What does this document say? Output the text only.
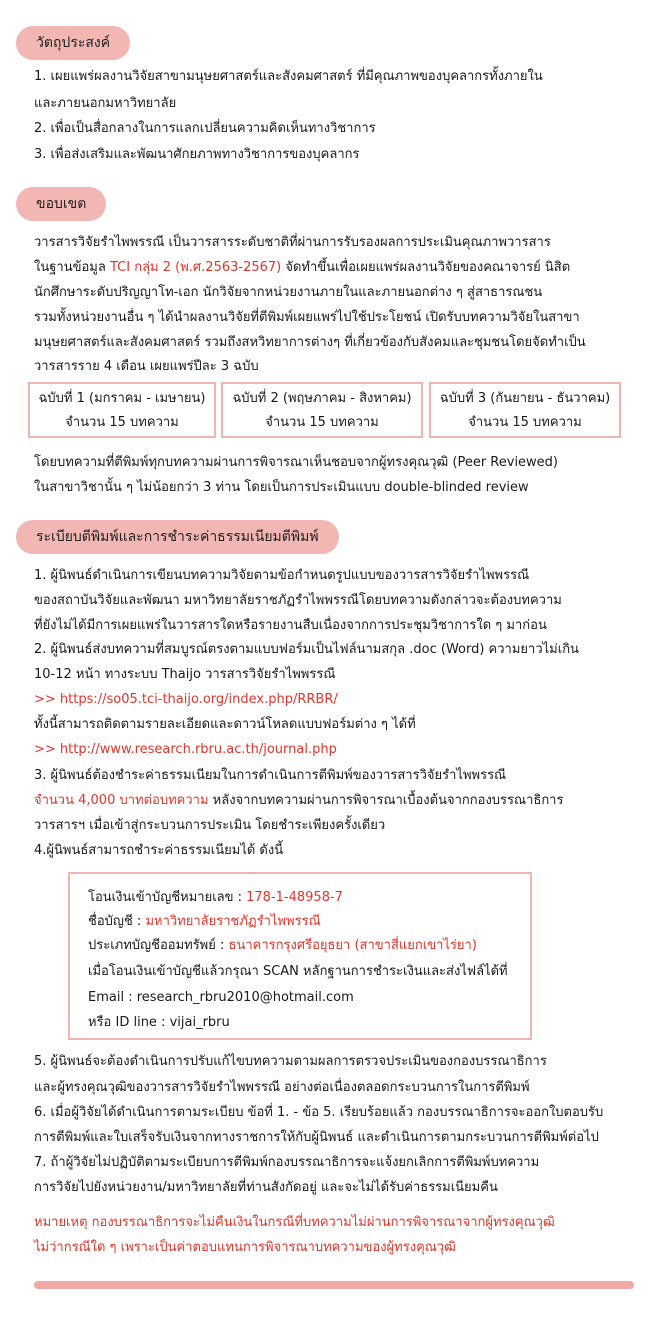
วัตถุประสงค์
1. เผยแพร่ผลงานวิจัยสาขามนุษยศาสตร์และสังคมศาสตร์ ที่มีคุณภาพของบุคลากรทั้งภายใน
และภายนอกมหาวิทยาลัย
2. เพื่อเป็นสื่อกลางในการแลกเปลี่ยนความคิดเห็นทางวิชาการ
3. เพื่อส่งเสริมและพัฒนาศักยภาพทางวิชาการของบุคลากร
ขอบเขต
วารสารวิจัยรำไพพรรณี เป็นวารสารระดับชาติที่ผ่านการรับรองผลการประเมินคุณภาพวารสาร
ในฐานข้อมูล TCI กลุ่ม 2 (พ.ศ.2563-2567) จัดทำขึ้นเพื่อเผยแพร่ผลงานวิจัยของคณาจารย์ นิสิต
นักศึกษาระดับปริญญาโท-เอก นักวิจัยจากหน่วยงานภายในและภายนอกต่าง ๆ สู่สาธารณชน
รวมทั้งหน่วยงานอื่น ๆ ได้นำผลงานวิจัยที่ตีพิมพ์เผยแพร่ไปใช้ประโยชน์ เปิดรับบทความวิจัยในสาขา
มนุษยศาสตร์และสังคมศาสตร์ รวมถึงสหวิทยาการต่างๆ ที่เกี่ยวข้องกับสังคมและชุมชนโดยจัดทำเป็น
วารสารราย 4 เดือน เผยแพร่ปีละ 3 ฉบับ
ฉบับที่ 1 (มกราคม - เมษายน)
จำนวน 15 บทความ
ฉบับที่ 2 (พฤษภาคม - สิงหาคม)
จำนวน 15 บทความ
ฉบับที่ 3 (กันยายน - ธันวาคม)
จำนวน 15 บทความ
โดยบทความที่ตีพิมพ์ทุกบทความผ่านการพิจารณาเห็นชอบจากผู้ทรงคุณวุฒิ (Peer Reviewed)
ในสาขาวิชานั้น ๆ ไม่น้อยกว่า 3 ท่าน โดยเป็นการประเมินแบบ double-blinded review
ระเบียบตีพิมพ์และการชำระค่าธรรมเนียมตีพิมพ์
1. ผู้นิพนธ์ดำเนินการเขียนบทความวิจัยตามข้อกำหนดรูปแบบของวารสารวิจัยรำไพพรรณี
ของสถาบันวิจัยและพัฒนา มหาวิทยาลัยราชภัฏรำไพพรรณีโดยบทความดังกล่าวจะต้องบทความ
ที่ยังไม่ได้มีการเผยแพร่ในวารสารใดหรือรายงานสืบเนื่องจากการประชุมวิชาการใด ๆ มาก่อน
2. ผู้นิพนธ์ส่งบทความที่สมบูรณ์ตรงตามแบบฟอร์มเป็นไฟล์นามสกุล .doc (Word) ความยาวไม่เกิน
10-12 หน้า ทางระบบ Thaijo วารสารวิจัยรำไพพรรณี
>> https://so05.tci-thaijo.org/index.php/RRBR/
ทั้งนี้สามารถติดตามรายละเอียดและดาวน์โหลดแบบฟอร์มต่าง ๆ ได้ที่
>> http://www.research.rbru.ac.th/journal.php
3. ผู้นิพนธ์ต้องชำระค่าธรรมเนียมในการดำเนินการตีพิมพ์ของวารสารวิจัยรำไพพรรณี
จำนวน 4,000 บาทต่อบทความ หลังจากบทความผ่านการพิจารณาเบื้องต้นจากกองบรรณาธิการ
วารสารฯ เมื่อเข้าสู่กระบวนการประเมิน โดยชำระเพียงครั้งเดียว
4.ผู้นิพนธ์สามารถชำระค่าธรรมเนียมได้ ดังนี้
โอนเงินเข้าบัญชีหมายเลข : 178-1-48958-7
ชื่อบัญชี : มหาวิทยาลัยราชภัฏรำไพพรรณี
ประเภทบัญชีออมทรัพย์ : ธนาคารกรุงศรีอยุธยา (สาขาสี่แยกเขาไร่ยา)
เมื่อโอนเงินเข้าบัญชีแล้วกรุณา SCAN หลักฐานการชำระเงินและส่งไฟล์ได้ที่
Email : research_rbru2010@hotmail.com
หรือ ID line : vijai_rbru
5. ผู้นิพนธ์จะต้องดำเนินการปรับแก้ไขบทความตามผลการตรวจประเมินของกองบรรณาธิการ
และผู้ทรงคุณวุฒิของวารสารวิจัยรำไพพรรณี อย่างต่อเนื่องตลอดกระบวนการในการตีพิมพ์
6. เมื่อผู้วิจัยได้ดำเนินการตามระเบียบ ข้อที่ 1. - ข้อ 5. เรียบร้อยแล้ว กองบรรณาธิการจะออกใบตอบรับ
การตีพิมพ์และใบเสร็จรับเงินจากทางราชการให้กับผู้นิพนธ์ และดำเนินการตามกระบวนการตีพิมพ์ต่อไป
7. ถ้าผู้วิจัยไม่ปฏิบัติตามระเบียบการตีพิมพ์กองบรรณาธิการจะแจ้งยกเลิกการตีพิมพ์บทความ
การวิจัยไปยังหน่วยงาน/มหาวิทยาลัยที่ท่านสังกัดอยู่ และจะไม่ได้รับค่าธรรมเนียมคืน
หมายเหตุ กองบรรณาธิการจะไม่คืนเงินในกรณีที่บทความไม่ผ่านการพิจารณาจากผู้ทรงคุณวุฒิ
ไม่ว่ากรณีใด ๆ เพราะเป็นค่าตอบแทนการพิจารณาบทความของผู้ทรงคุณวุฒิ
